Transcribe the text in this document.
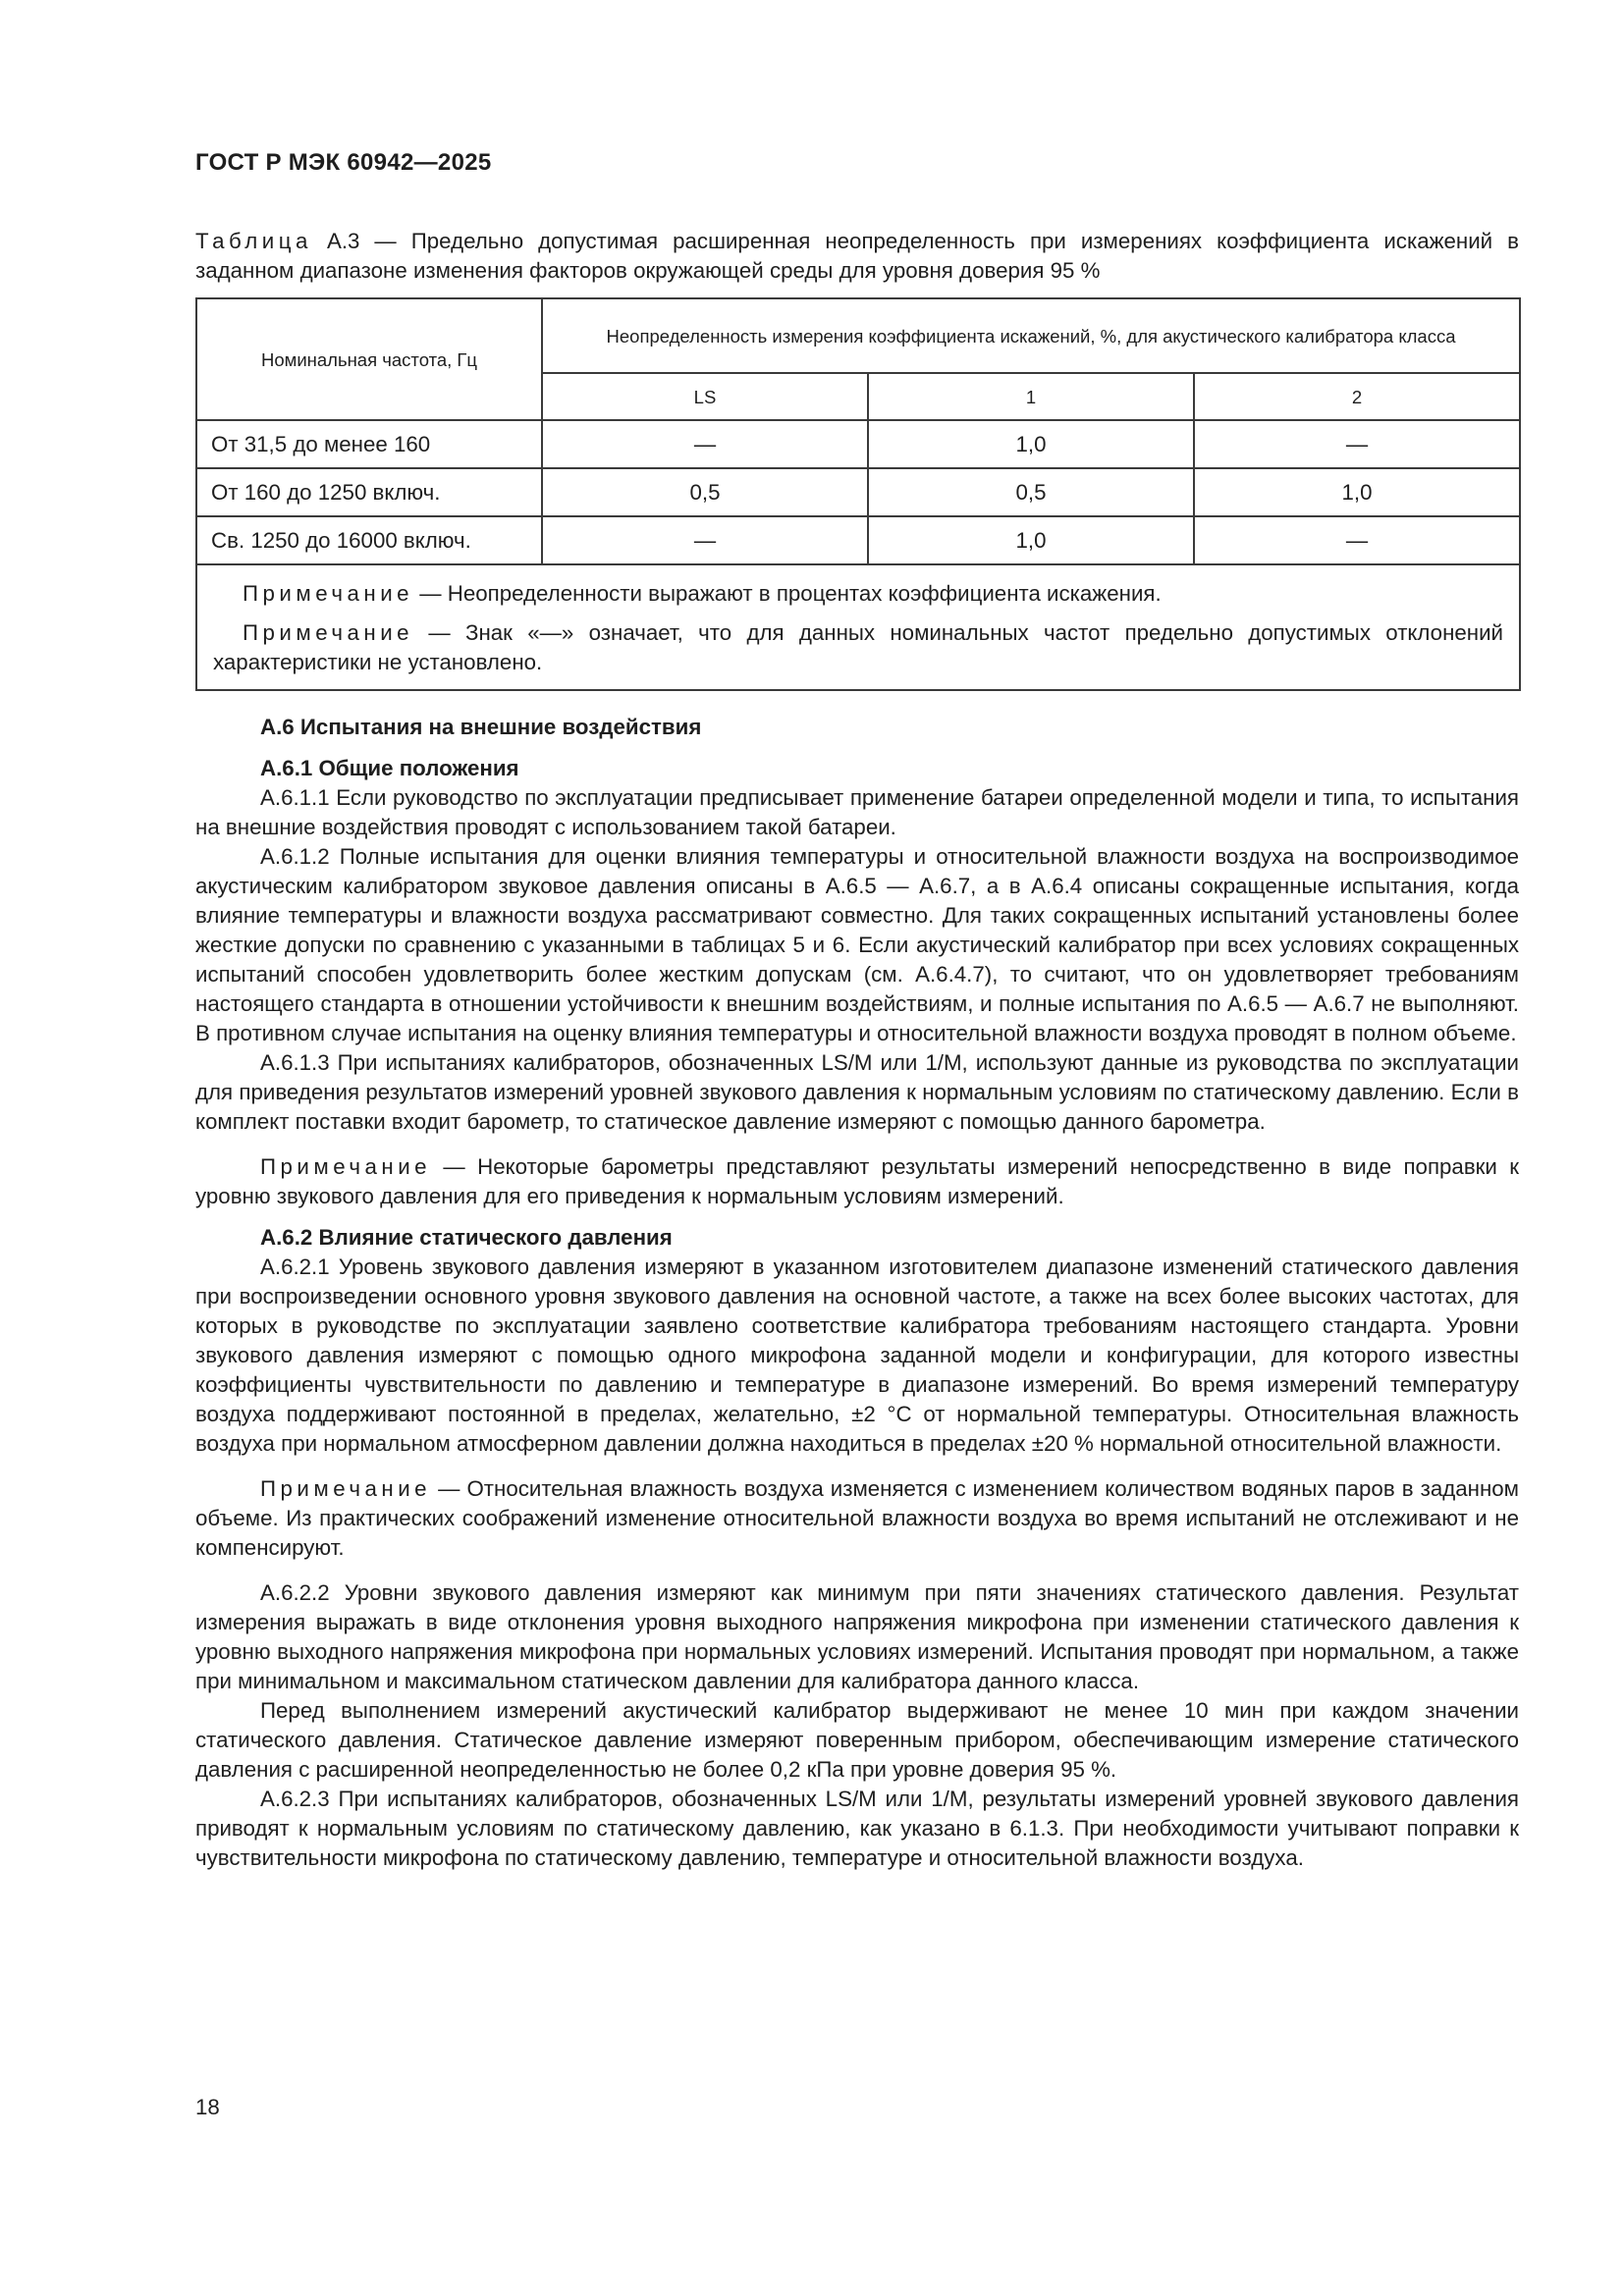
ГОСТ Р МЭК 60942—2025

Таблица А.3 — Предельно допустимая расширенная неопределенность при измерениях коэффициента искажений в заданном диапазоне изменения факторов окружающей среды для уровня доверия 95 %

Номинальная частота, Гц	Неопределенность измерения коэффициента искажений, %, для акустического калибратора класса		
	LS	1	2
От 31,5 до менее 160	—	1,0	—
От 160 до 1250 включ.	0,5	0,5	1,0
Св. 1250 до 16000 включ.	—	1,0	—

Примечание — Неопределенности выражают в процентах коэффициента искажения.

Примечание — Знак «—» означает, что для данных номинальных частот предельно допустимых отклонений характеристики не установлено.			

А.6 Испытания на внешние воздействия

А.6.1 Общие положения

А.6.1.1 Если руководство по эксплуатации предписывает применение батареи определенной модели и типа, то испытания на внешние воздействия проводят с использованием такой батареи.

А.6.1.2 Полные испытания для оценки влияния температуры и относительной влажности воздуха на воспроизводимое акустическим калибратором звуковое давления описаны в А.6.5 — А.6.7, а в А.6.4 описаны сокращенные испытания, когда влияние температуры и влажности воздуха рассматривают совместно. Для таких сокращенных испытаний установлены более жесткие допуски по сравнению с указанными в таблицах 5 и 6. Если акустический калибратор при всех условиях сокращенных испытаний способен удовлетворить более жестким допускам (см. А.6.4.7), то считают, что он удовлетворяет требованиям настоящего стандарта в отношении устойчивости к внешним воздействиям, и полные испытания по А.6.5 — А.6.7 не выполняют. В противном случае испытания на оценку влияния температуры и относительной влажности воздуха проводят в полном объеме.

А.6.1.3 При испытаниях калибраторов, обозначенных LS/M или 1/M, используют данные из руководства по эксплуатации для приведения результатов измерений уровней звукового давления к нормальным условиям по статическому давлению. Если в комплект поставки входит барометр, то статическое давление измеряют с помощью данного барометра.

Примечание — Некоторые барометры представляют результаты измерений непосредственно в виде поправки к уровню звукового давления для его приведения к нормальным условиям измерений.

А.6.2 Влияние статического давления

А.6.2.1 Уровень звукового давления измеряют в указанном изготовителем диапазоне изменений статического давления при воспроизведении основного уровня звукового давления на основной частоте, а также на всех более высоких частотах, для которых в руководстве по эксплуатации заявлено соответствие калибратора требованиям настоящего стандарта. Уровни звукового давления измеряют с помощью одного микрофона заданной модели и конфигурации, для которого известны коэффициенты чувствительности по давлению и температуре в диапазоне измерений. Во время измерений температуру воздуха поддерживают постоянной в пределах, желательно, ±2 °С от нормальной температуры. Относительная влажность воздуха при нормальном атмосферном давлении должна находиться в пределах ±20 % нормальной относительной влажности.

Примечание — Относительная влажность воздуха изменяется с изменением количеством водяных паров в заданном объеме. Из практических соображений изменение относительной влажности воздуха во время испытаний не отслеживают и не компенсируют.

А.6.2.2 Уровни звукового давления измеряют как минимум при пяти значениях статического давления. Результат измерения выражать в виде отклонения уровня выходного напряжения микрофона при изменении статического давления к уровню выходного напряжения микрофона при нормальных условиях измерений. Испытания проводят при нормальном, а также при минимальном и максимальном статическом давлении для калибратора данного класса.

Перед выполнением измерений акустический калибратор выдерживают не менее 10 мин при каждом значении статического давления. Статическое давление измеряют поверенным прибором, обеспечивающим измерение статического давления с расширенной неопределенностью не более 0,2 кПа при уровне доверия 95 %.

А.6.2.3 При испытаниях калибраторов, обозначенных LS/M или 1/M, результаты измерений уровней звукового давления приводят к нормальным условиям по статическому давлению, как указано в 6.1.3. При необходимости учитывают поправки к чувствительности микрофона по статическому давлению, температуре и относительной влажности воздуха.

18
